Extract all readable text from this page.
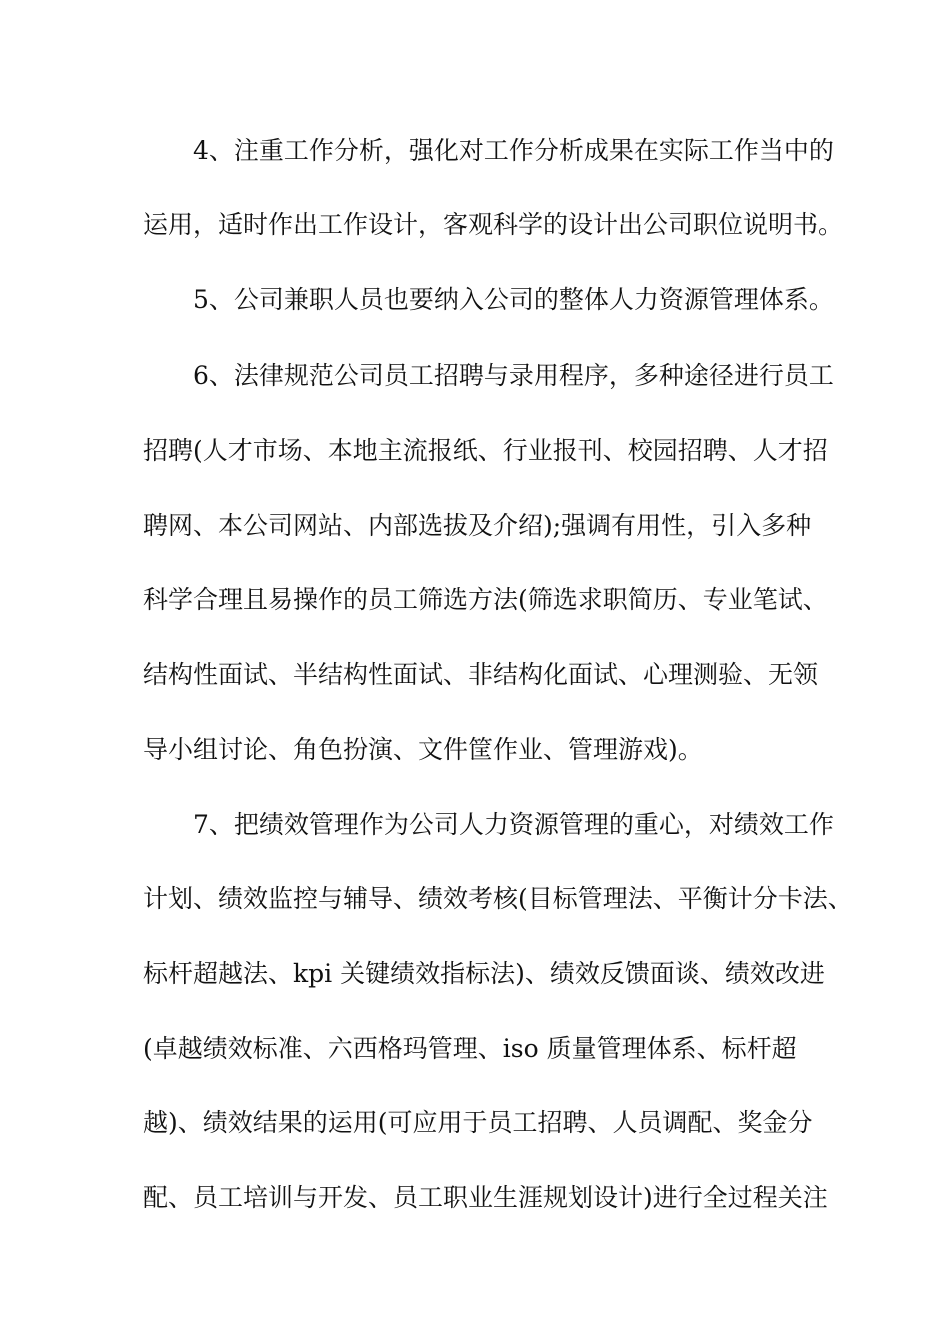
4、注重工作分析，强化对工作分析成果在实际工作当中的
运用，适时作出工作设计，客观科学的设计出公司职位说明书。
5、公司兼职人员也要纳入公司的整体人力资源管理体系。
6、法律规范公司员工招聘与录用程序，多种途径进行员工
招聘(人才市场、本地主流报纸、行业报刊、校园招聘、人才招
聘网、本公司网站、内部选拔及介绍);强调有用性，引入多种
科学合理且易操作的员工筛选方法(筛选求职简历、专业笔试、
结构性面试、半结构性面试、非结构化面试、心理测验、无领
导小组讨论、角色扮演、文件筐作业、管理游戏)。
7、把绩效管理作为公司人力资源管理的重心，对绩效工作
计划、绩效监控与辅导、绩效考核(目标管理法、平衡计分卡法、
标杆超越法、kpi 关键绩效指标法)、绩效反馈面谈、绩效改进
(卓越绩效标准、六西格玛管理、iso 质量管理体系、标杆超
越)、绩效结果的运用(可应用于员工招聘、人员调配、奖金分
配、员工培训与开发、员工职业生涯规划设计)进行全过程关注
